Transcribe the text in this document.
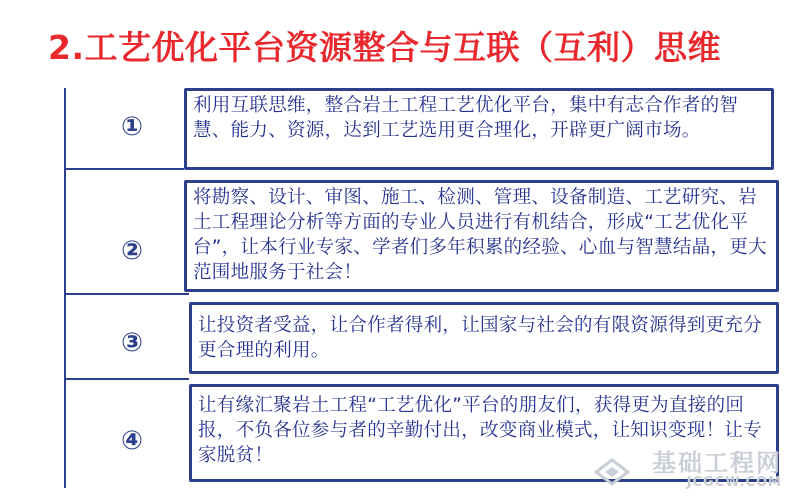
2.工艺优化平台资源整合与互联（互利）思维
①
利用互联思维，整合岩土工程工艺优化平台，集中有志合作者的智慧、能力、资源，达到工艺选用更合理化，开辟更广阔市场。
②
将勘察、设计、审图、施工、检测、管理、设备制造、工艺研究、岩土工程理论分析等方面的专业人员进行有机结合，形成“工艺优化平台”，让本行业专家、学者们多年积累的经验、心血与智慧结晶，更大范围地服务于社会！
③
让投资者受益，让合作者得利，让国家与社会的有限资源得到更充分更合理的利用。
④
让有缘汇聚岩土工程“工艺优化”平台的朋友们，获得更为直接的回报，不负各位参与者的辛勤付出，改变商业模式，让知识变现！让专家脱贫！	基础工程网
JCGCW.COM
